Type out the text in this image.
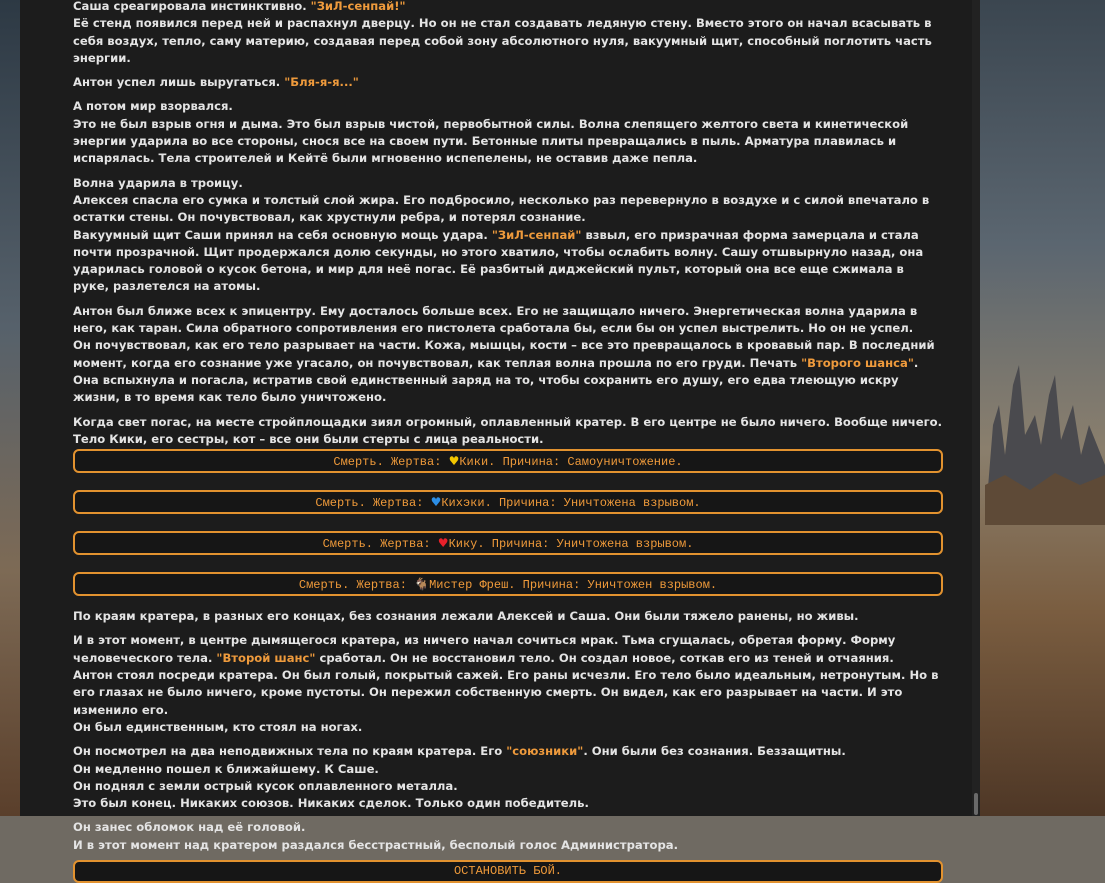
Саша среагировала инстинктивно. "ЗиЛ-сенпай!"
Её стенд появился перед ней и распахнул дверцу. Но он не стал создавать ледяную стену. Вместо этого он начал всасывать в себя воздух, тепло, саму материю, создавая перед собой зону абсолютного нуля, вакуумный щит, способный поглотить часть энергии.

Антон успел лишь выругаться. "Бля-я-я..."

А потом мир взорвался.
Это не был взрыв огня и дыма. Это был взрыв чистой, первобытной силы. Волна слепящего желтого света и кинетической энергии ударила во все стороны, снося все на своем пути. Бетонные плиты превращались в пыль. Арматура плавилась и испарялась. Тела строителей и Кейтё были мгновенно испепелены, не оставив даже пепла.

Волна ударила в троицу.
Алексея спасла его сумка и толстый слой жира. Его подбросило, несколько раз перевернуло в воздухе и с силой впечатало в остатки стены. Он почувствовал, как хрустнули ребра, и потерял сознание.
Вакуумный щит Саши принял на себя основную мощь удара. "ЗиЛ-сенпай" взвыл, его призрачная форма замерцала и стала почти прозрачной. Щит продержался долю секунды, но этого хватило, чтобы ослабить волну. Сашу отшвырнуло назад, она ударилась головой о кусок бетона, и мир для неё погас. Её разбитый диджейский пульт, который она все еще сжимала в руке, разлетелся на атомы.

Антон был ближе всех к эпицентру. Ему досталось больше всех. Его не защищало ничего. Энергетическая волна ударила в него, как таран. Сила обратного сопротивления его пистолета сработала бы, если бы он успел выстрелить. Но он не успел.
Он почувствовал, как его тело разрывает на части. Кожа, мышцы, кости – все это превращалось в кровавый пар. В последний момент, когда его сознание уже угасало, он почувствовал, как теплая волна прошла по его груди. Печать "Второго шанса". Она вспыхнула и погасла, истратив свой единственный заряд на то, чтобы сохранить его душу, его едва тлеющую искру жизни, в то время как тело было уничтожено.

Когда свет погас, на месте стройплощадки зиял огромный, оплавленный кратер. В его центре не было ничего. Вообще ничего. Тело Кики, его сестры, кот – все они были стерты с лица реальности.

Смерть. Жертва: ♥Кики. Причина: Самоуничтожение.
Смерть. Жертва: ♥Кихэки. Причина: Уничтожена взрывом.
Смерть. Жертва: ♥Кику. Причина: Уничтожена взрывом.
Смерть. Жертва: 🐐Мистер Фреш. Причина: Уничтожен взрывом.

По краям кратера, в разных его концах, без сознания лежали Алексей и Саша. Они были тяжело ранены, но живы.

И в этот момент, в центре дымящегося кратера, из ничего начал сочиться мрак. Тьма сгущалась, обретая форму. Форму человеческого тела. "Второй шанс" сработал. Он не восстановил тело. Он создал новое, соткав его из теней и отчаяния.
Антон стоял посреди кратера. Он был голый, покрытый сажей. Его раны исчезли. Его тело было идеальным, нетронутым. Но в его глазах не было ничего, кроме пустоты. Он пережил собственную смерть. Он видел, как его разрывает на части. И это изменило его.
Он был единственным, кто стоял на ногах.

Он посмотрел на два неподвижных тела по краям кратера. Его "союзники". Они были без сознания. Беззащитны.
Он медленно пошел к ближайшему. К Саше.
Он поднял с земли острый кусок оплавленного металла.
Это был конец. Никаких союзов. Никаких сделок. Только один победитель.

Он занес обломок над её головой.
И в этот момент над кратером раздался бесстрастный, бесполый голос Администратора.

ОСТАНОВИТЬ БОЙ.
